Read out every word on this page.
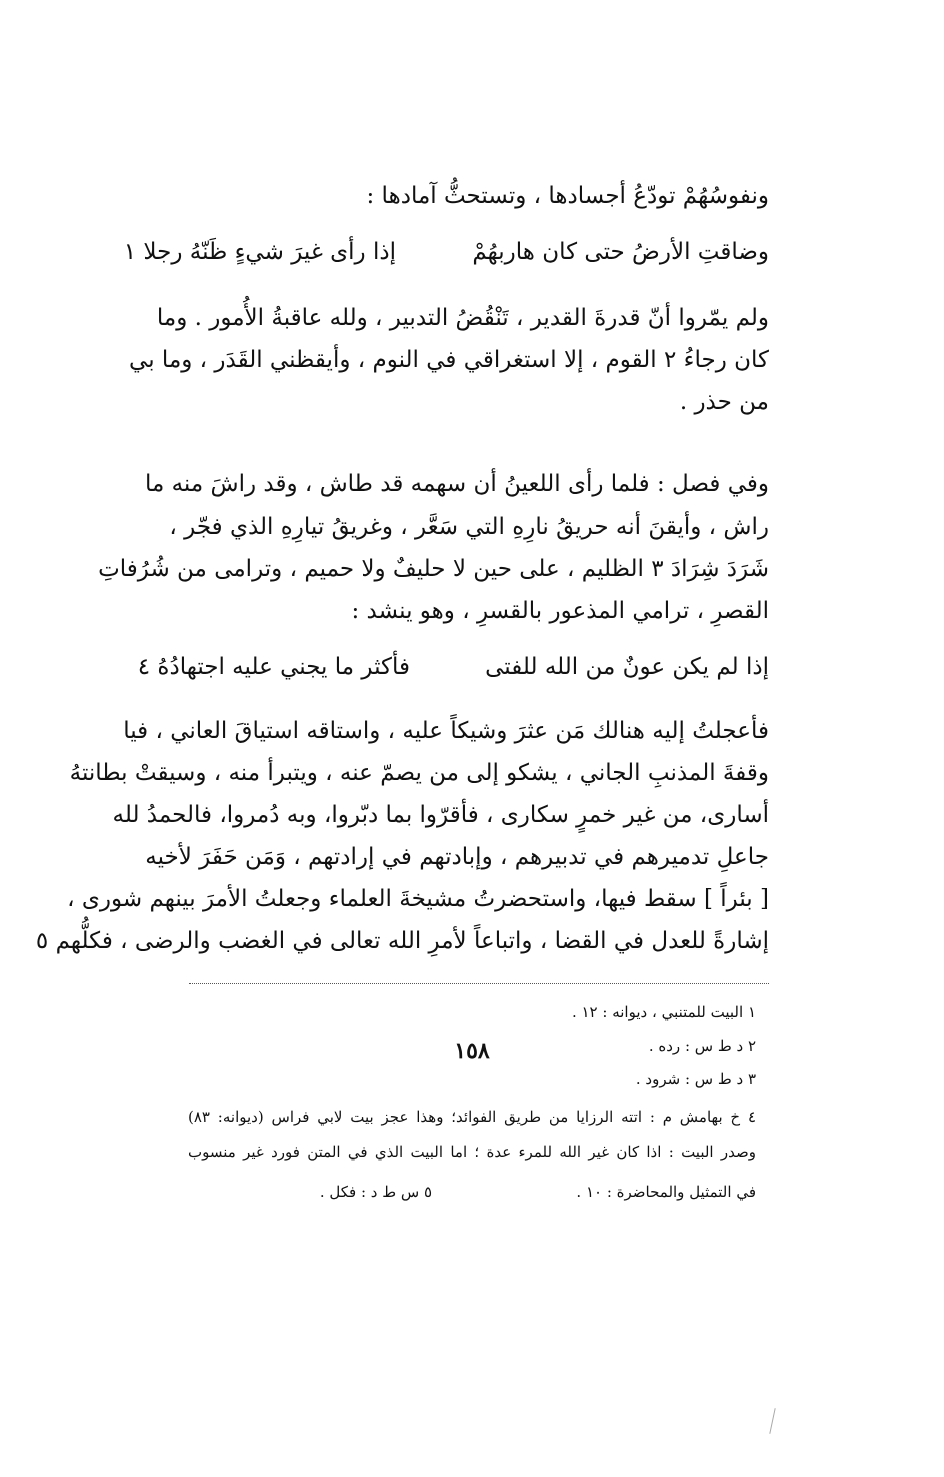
ونفوسُهُمْ تودّعُ أجسادها ، وتستحثُّ آمادها :
وضاقتِ الأرضُ حتى كان هاربهُمْ
إذا رأى غيرَ شيءٍ ظَنّهُ رجلا ١
ولم يمّروا أنّ قدرةَ القدير ، تَنْقُضُ التدبير ، ولله عاقبةُ الأُمور . وما
كان رجاءُ ٢ القوم ، إلا استغراقي في النوم ، وأيقظني القَدَر ، وما بي
من حذر .
وفي فصل : فلما رأى اللعينُ أن سهمه قد طاش ، وقد راشَ منه ما
راش ، وأيقنَ أنه حريقُ نارِهِ التي سَعَّر ، وغريقُ تيارِهِ الذي فجّر ،
شَرَدَ شِرَادَ ٣ الظليم ، على حين لا حليفٌ ولا حميم ، وترامى من شُرُفاتِ
القصرِ ، ترامي المذعور بالقسرِ ، وهو ينشد :
إذا لم يكن عونٌ من الله للفتى
فأكثر ما يجني عليه اجتهادُهُ ٤
فأعجلتُ إليه هنالك مَن عثرَ وشيكاً عليه ، واستاقه استياقَ العاني ، فيا
وقفةَ المذنبِ الجاني ، يشكو إلى من يصمّ عنه ، ويتبرأ منه ، وسيقتْ بطانتهُ
أساری، من غير خمرٍ سكاری ، فأقرّوا بما دبّروا، وبه دُمروا، فالحمدُ لله
جاعلِ تدميرهم في تدبيرهم ، وإبادتهم في إرادتهم ، وَمَن حَفَرَ لأخيه
[ بئراً ] سقط فيها، واستحضرتُ مشيخةَ العلماء وجعلتُ الأمرَ بينهم شورى ،
إشارةً للعدل في القضا ، واتباعاً لأمرِ الله تعالى في الغضب والرضى ، فكلُّهم ٥
١ البيت للمتنبي ، ديوانه : ١٢ .
٢ د ط س : رده .
٣ د ط س : شرود .
٤ خ بهامش م : اتته الرزايا من طريق الفوائد؛ وهذا عجز بيت لابي فراس (ديوانه: ٨٣)
وصدر البيت : اذا كان غير الله للمرء عدة ؛ اما البيت الذي في المتن فورد غير منسوب
في التمثيل والمحاضرة : ١٠ .
٥ س ط د : فكل .
١٥٨
